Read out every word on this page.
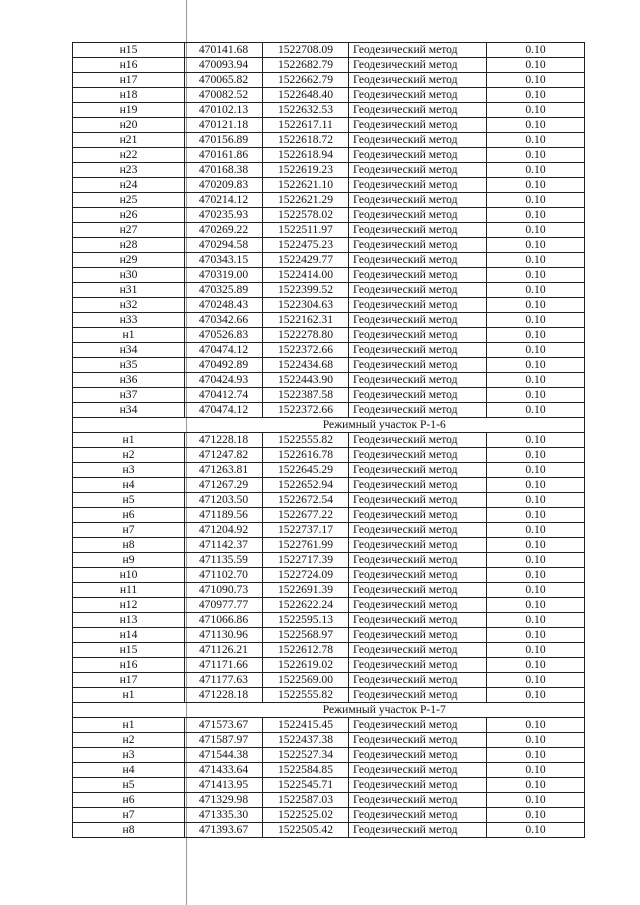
н15	470141.68	1522708.09	Геодезический метод	0.10
н16	470093.94	1522682.79	Геодезический метод	0.10
н17	470065.82	1522662.79	Геодезический метод	0.10
н18	470082.52	1522648.40	Геодезический метод	0.10
н19	470102.13	1522632.53	Геодезический метод	0.10
н20	470121.18	1522617.11	Геодезический метод	0.10
н21	470156.89	1522618.72	Геодезический метод	0.10
н22	470161.86	1522618.94	Геодезический метод	0.10
н23	470168.38	1522619.23	Геодезический метод	0.10
н24	470209.83	1522621.10	Геодезический метод	0.10
н25	470214.12	1522621.29	Геодезический метод	0.10
н26	470235.93	1522578.02	Геодезический метод	0.10
н27	470269.22	1522511.97	Геодезический метод	0.10
н28	470294.58	1522475.23	Геодезический метод	0.10
н29	470343.15	1522429.77	Геодезический метод	0.10
н30	470319.00	1522414.00	Геодезический метод	0.10
н31	470325.89	1522399.52	Геодезический метод	0.10
н32	470248.43	1522304.63	Геодезический метод	0.10
н33	470342.66	1522162.31	Геодезический метод	0.10
н1	470526.83	1522278.80	Геодезический метод	0.10
н34	470474.12	1522372.66	Геодезический метод	0.10
н35	470492.89	1522434.68	Геодезический метод	0.10
н36	470424.93	1522443.90	Геодезический метод	0.10
н37	470412.74	1522387.58	Геодезический метод	0.10
н34	470474.12	1522372.66	Геодезический метод	0.10
	Режимный участок Р-1-6			
н1	471228.18	1522555.82	Геодезический метод	0.10
н2	471247.82	1522616.78	Геодезический метод	0.10
н3	471263.81	1522645.29	Геодезический метод	0.10
н4	471267.29	1522652.94	Геодезический метод	0.10
н5	471203.50	1522672.54	Геодезический метод	0.10
н6	471189.56	1522677.22	Геодезический метод	0.10
н7	471204.92	1522737.17	Геодезический метод	0.10
н8	471142.37	1522761.99	Геодезический метод	0.10
н9	471135.59	1522717.39	Геодезический метод	0.10
н10	471102.70	1522724.09	Геодезический метод	0.10
н11	471090.73	1522691.39	Геодезический метод	0.10
н12	470977.77	1522622.24	Геодезический метод	0.10
н13	471066.86	1522595.13	Геодезический метод	0.10
н14	471130.96	1522568.97	Геодезический метод	0.10
н15	471126.21	1522612.78	Геодезический метод	0.10
н16	471171.66	1522619.02	Геодезический метод	0.10
н17	471177.63	1522569.00	Геодезический метод	0.10
н1	471228.18	1522555.82	Геодезический метод	0.10
	Режимный участок Р-1-7			
н1	471573.67	1522415.45	Геодезический метод	0.10
н2	471587.97	1522437.38	Геодезический метод	0.10
н3	471544.38	1522527.34	Геодезический метод	0.10
н4	471433.64	1522584.85	Геодезический метод	0.10
н5	471413.95	1522545.71	Геодезический метод	0.10
н6	471329.98	1522587.03	Геодезический метод	0.10
н7	471335.30	1522525.02	Геодезический метод	0.10
н8	471393.67	1522505.42	Геодезический метод	0.10
